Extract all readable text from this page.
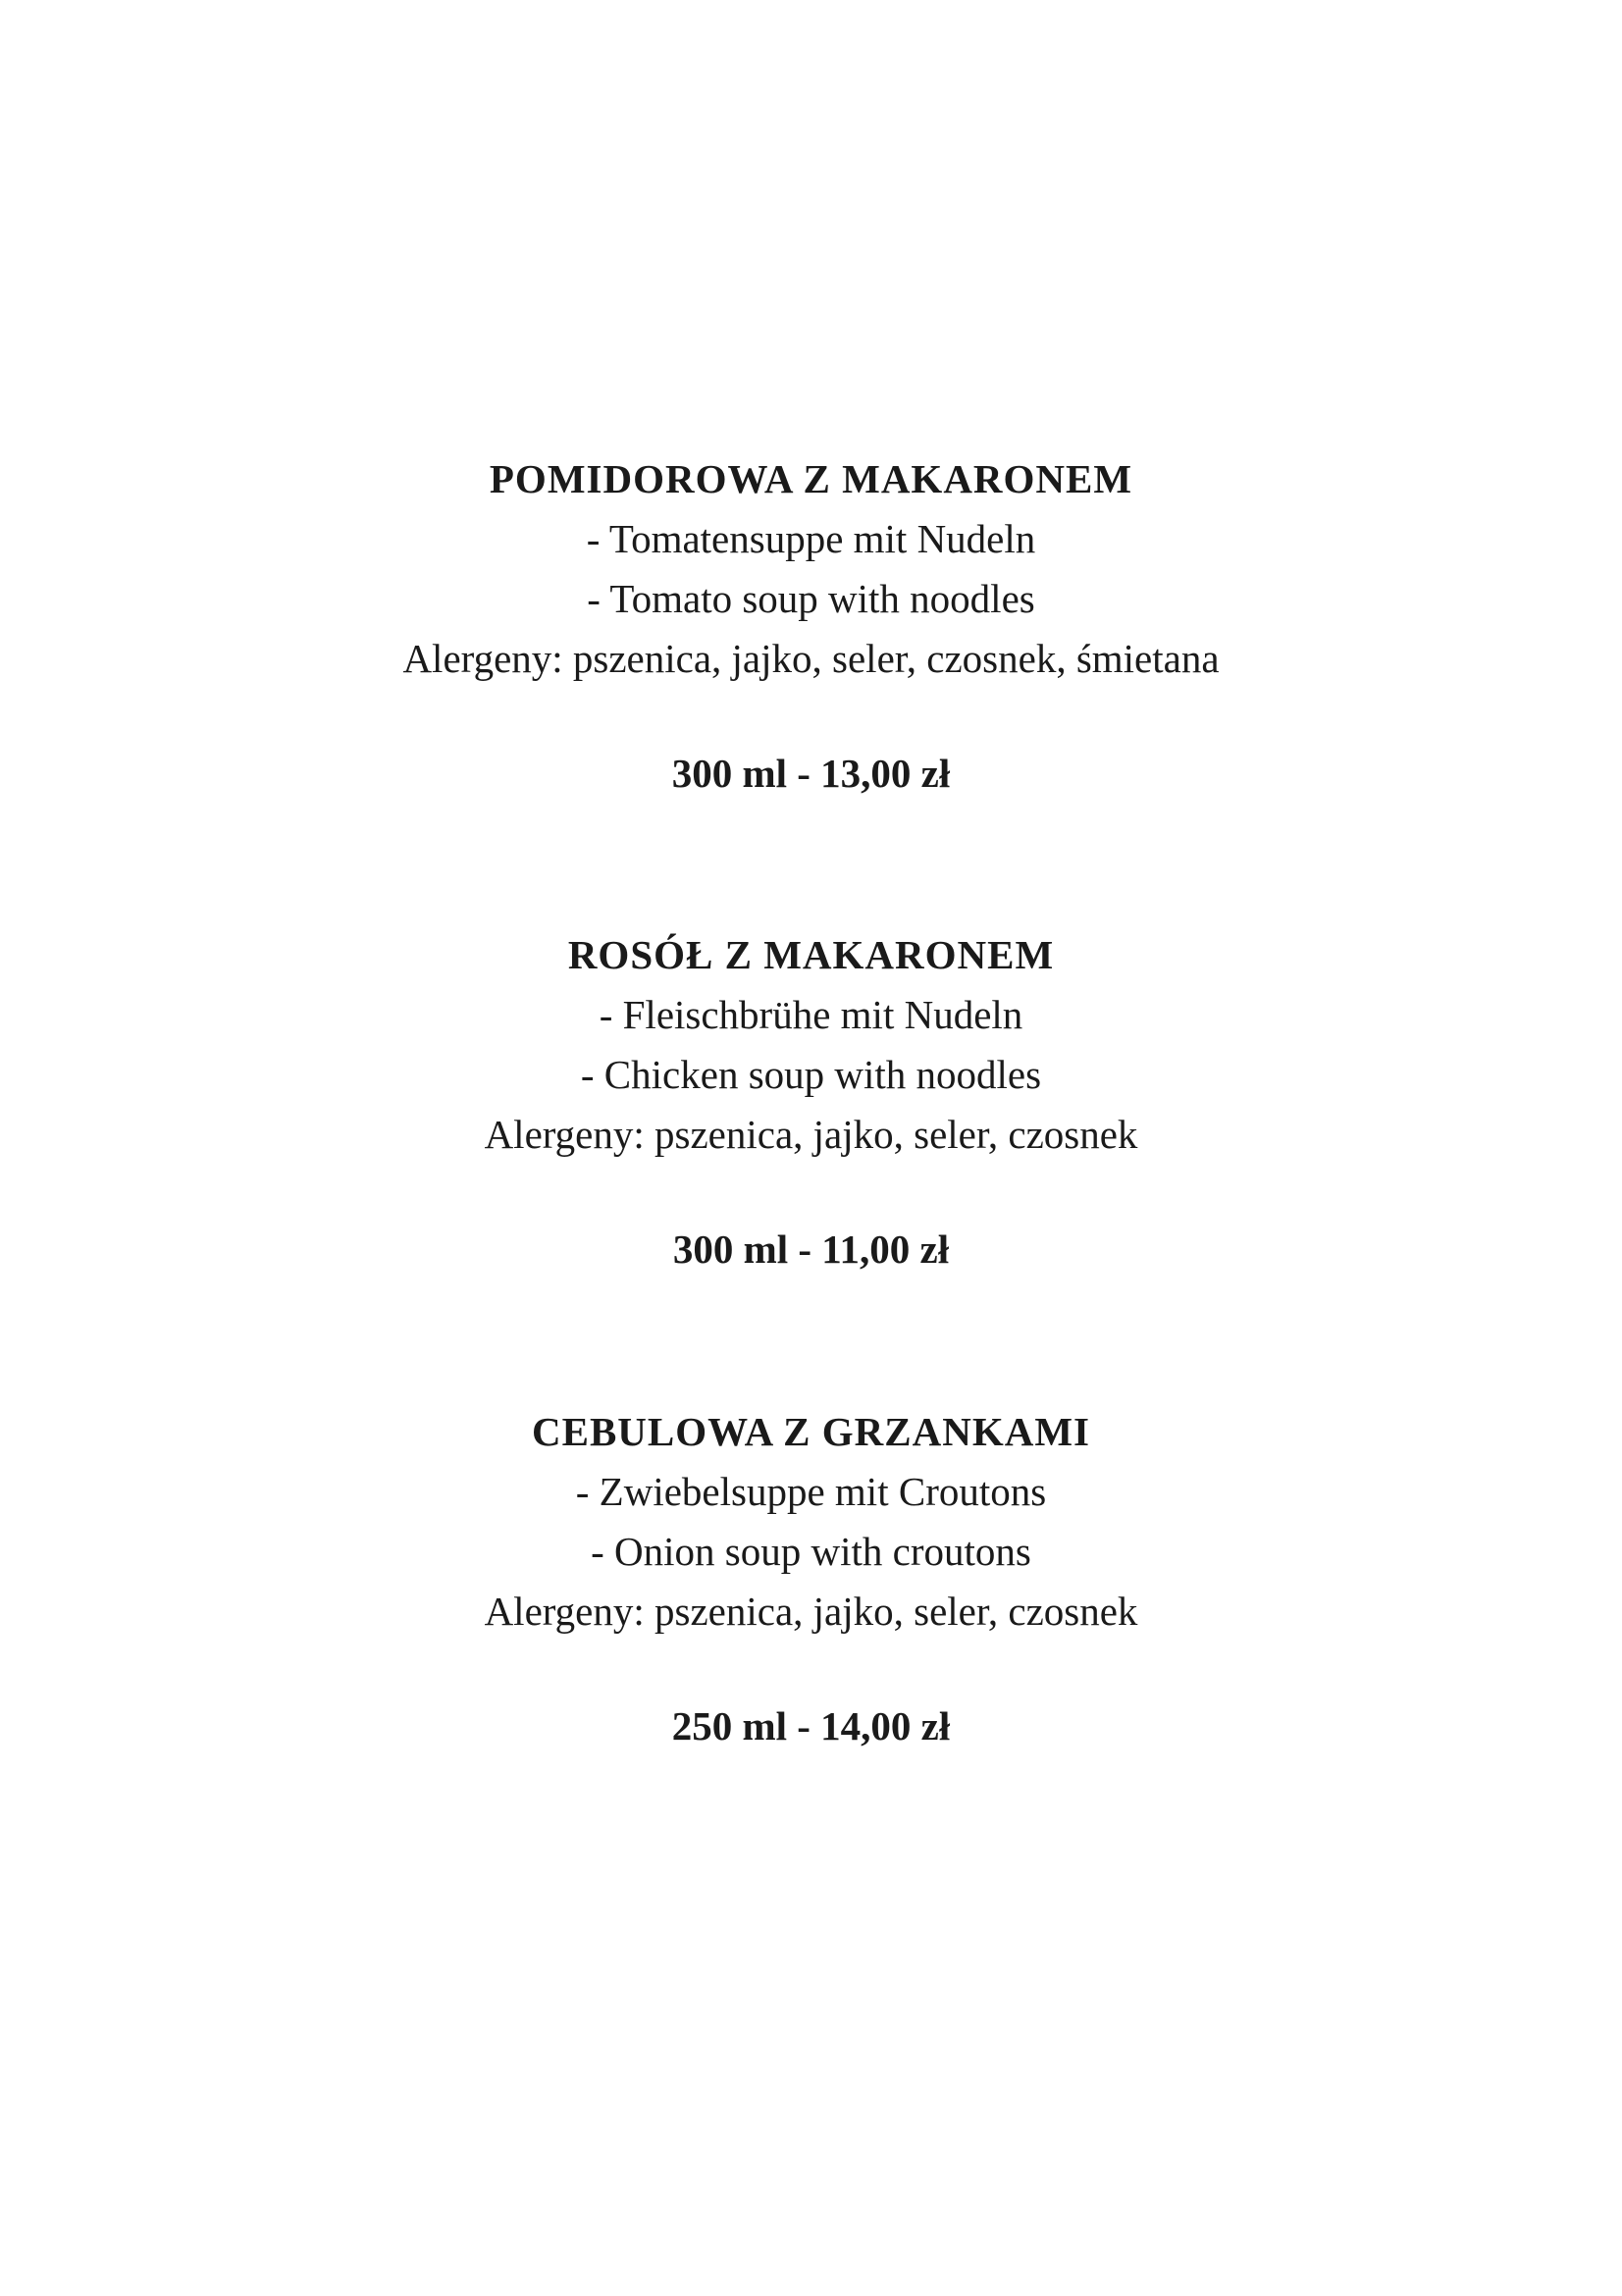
POMIDOROWA Z MAKARONEM
- Tomatensuppe mit Nudeln
- Tomato soup with noodles
Alergeny: pszenica, jajko, seler, czosnek, śmietana
300 ml - 13,00 zł
ROSÓŁ Z MAKARONEM
- Fleischbrühe mit Nudeln
- Chicken soup with noodles
Alergeny: pszenica, jajko, seler, czosnek
300 ml - 11,00 zł
CEBULOWA Z GRZANKAMI
- Zwiebelsuppe mit Croutons
- Onion soup with croutons
Alergeny: pszenica, jajko, seler, czosnek
250 ml - 14,00 zł
